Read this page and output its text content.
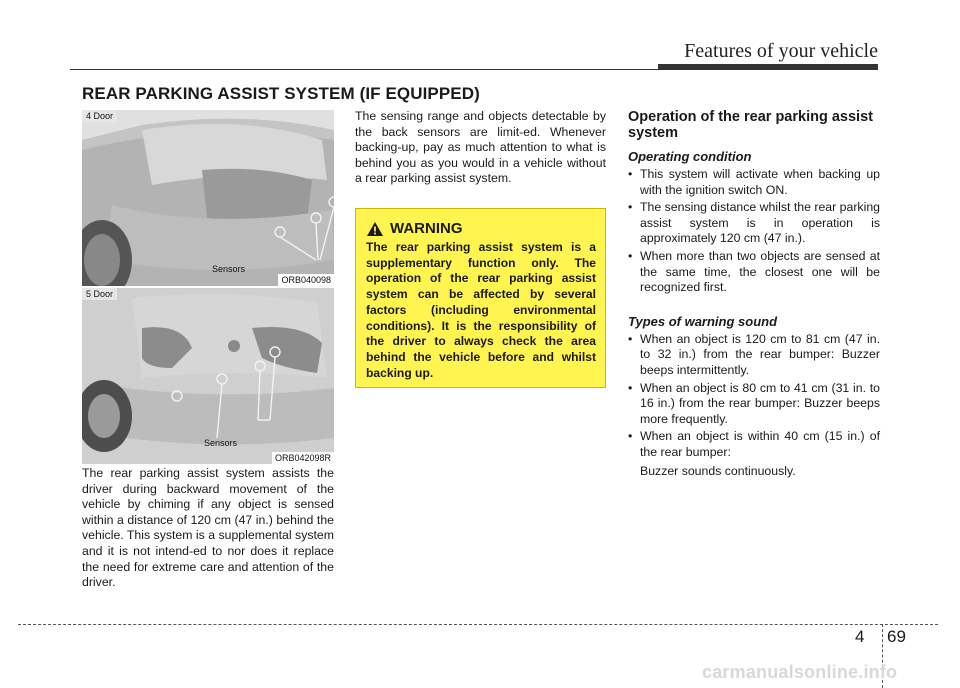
Features of your vehicle
REAR PARKING ASSIST SYSTEM (IF EQUIPPED)
4 Door
Sensors
ORB040098
5 Door
Sensors
ORB042098R

The rear parking assist system assists the driver during backward movement of the vehicle by chiming if any object is sensed within a distance of 120 cm (47 in.) behind the vehicle. This system is a supplemental system and it is not intend-ed to nor does it replace the need for extreme care and attention of the driver.

The sensing range and objects detectable by the back sensors are limit-ed. Whenever backing-up, pay as much attention to what is behind you as you would in a vehicle without a rear parking assist system.

WARNING

The rear parking assist system is a supplementary function only. The operation of the rear parking assist system can be affected by several factors (including environmental conditions). It is the responsibility of the driver to always check the area behind the vehicle before and whilst backing up.

Operation of the rear parking assist system
Operating condition
• This system will activate when backing up with the ignition switch ON.
• The sensing distance whilst the rear parking assist system is in operation is approximately 120 cm (47 in.).
• When more than two objects are sensed at the same time, the closest one will be recognized first.
Types of warning sound
• When an object is 120 cm to 81 cm (47 in. to 32 in.) from the rear bumper: Buzzer beeps intermittently.
• When an object is 80 cm to 41 cm (31 in. to 16 in.) from the rear bumper: Buzzer beeps more frequently.
• When an object is within 40 cm (15 in.) of the rear bumper:
Buzzer sounds continuously.
4 69
carmanualsonline.info
